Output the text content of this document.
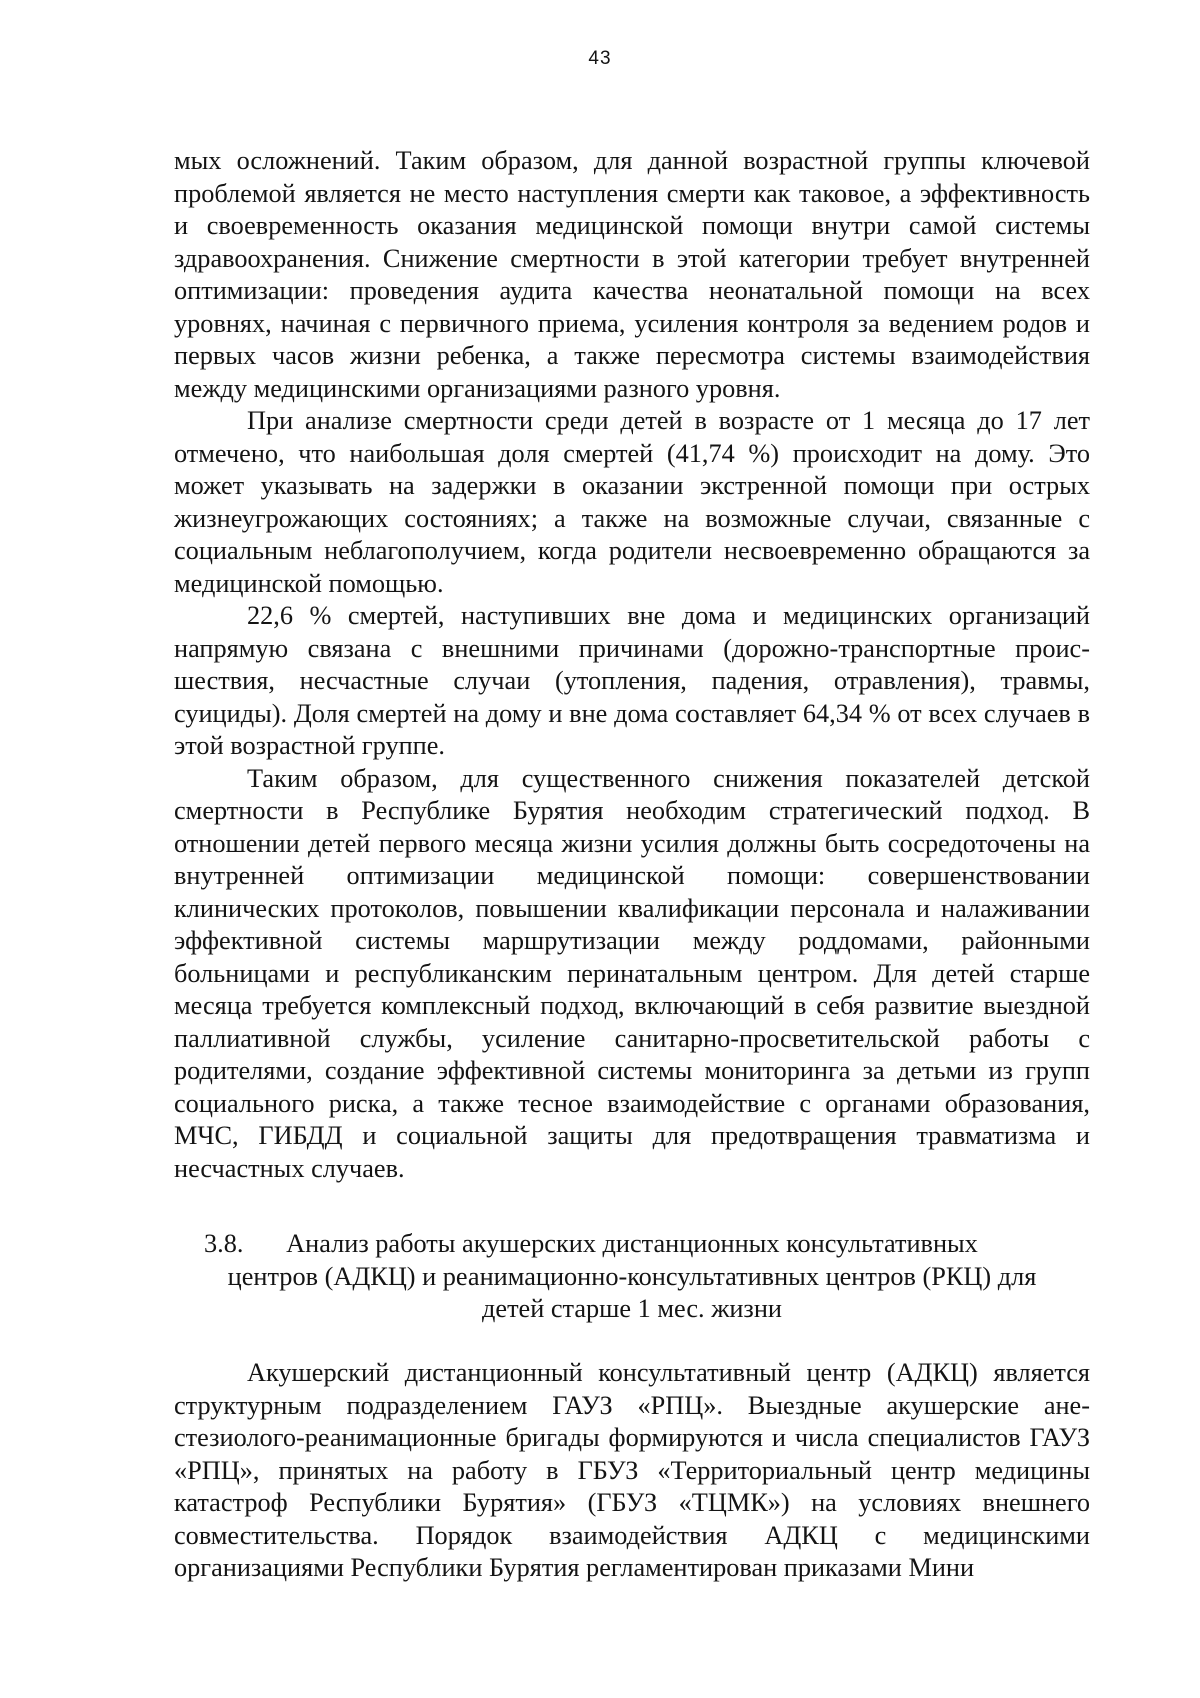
43

мых осложнений. Таким образом, для данной возрастной группы ключевой проблемой является не место наступления смерти как таковое, а эффективность и своевременность оказания медицинской помощи внутри самой системы здравоохранения. Снижение смертности в этой категории требует внутренней оптимизации: проведения аудита качества неонатальной помощи на всех уровнях, начиная с первичного приема, усиления контроля за ведением родов и первых часов жизни ребенка, а также пересмотра системы взаимодействия между медицинскими организациями разного уровня.

При анализе смертности среди детей в возрасте от 1 месяца до 17 лет отмечено, что наибольшая доля смертей (41,74 %) происходит на дому. Это может указывать на задержки в оказании экстренной помощи при острых жизнеугрожающих состояниях; а также на возможные случаи, связанные с социальным неблагополучием, когда родители несвоевременно обращаются за медицинской помощью.

22,6 % смертей, наступивших вне дома и медицинских организаций напрямую связана с внешними причинами (дорожно-транспортные происшествия, несчастные случаи (утопления, падения, отравления), травмы, суициды). Доля смертей на дому и вне дома составляет 64,34 % от всех случаев в этой возрастной группе.

Таким образом, для существенного снижения показателей детской смертности в Республике Бурятия необходим стратегический подход. В отношении детей первого месяца жизни усилия должны быть сосредоточены на внутренней оптимизации медицинской помощи: совершенствовании клинических протоколов, повышении квалификации персонала и налаживании эффективной системы маршрутизации между роддомами, районными больницами и республиканским перинатальным центром. Для детей старше месяца требуется комплексный подход, включающий в себя развитие выездной паллиативной службы, усиление санитарно-просветительской работы с родителями, создание эффективной системы мониторинга за детьми из групп социального риска, а также тесное взаимодействие с органами образования, МЧС, ГИБДД и социальной защиты для предотвращения травматизма и несчастных случаев.

3.8.	Анализ работы акушерских дистанционных консультативных
центров (АДКЦ) и реанимационно-консультативных центров (РКЦ) для
детей старше 1 мес. жизни

Акушерский дистанционный консультативный центр (АДКЦ) является структурным подразделением ГАУЗ «РПЦ». Выездные акушерские анестезиолого-реанимационные бригады формируются и числа специалистов ГАУЗ «РПЦ», принятых на работу в ГБУЗ «Территориальный центр медицины катастроф Республики Бурятия» (ГБУЗ «ТЦМК») на условиях внешнего совместительства. Порядок взаимодействия АДКЦ с медицинскими организациями Республики Бурятия регламентирован приказами Мини
